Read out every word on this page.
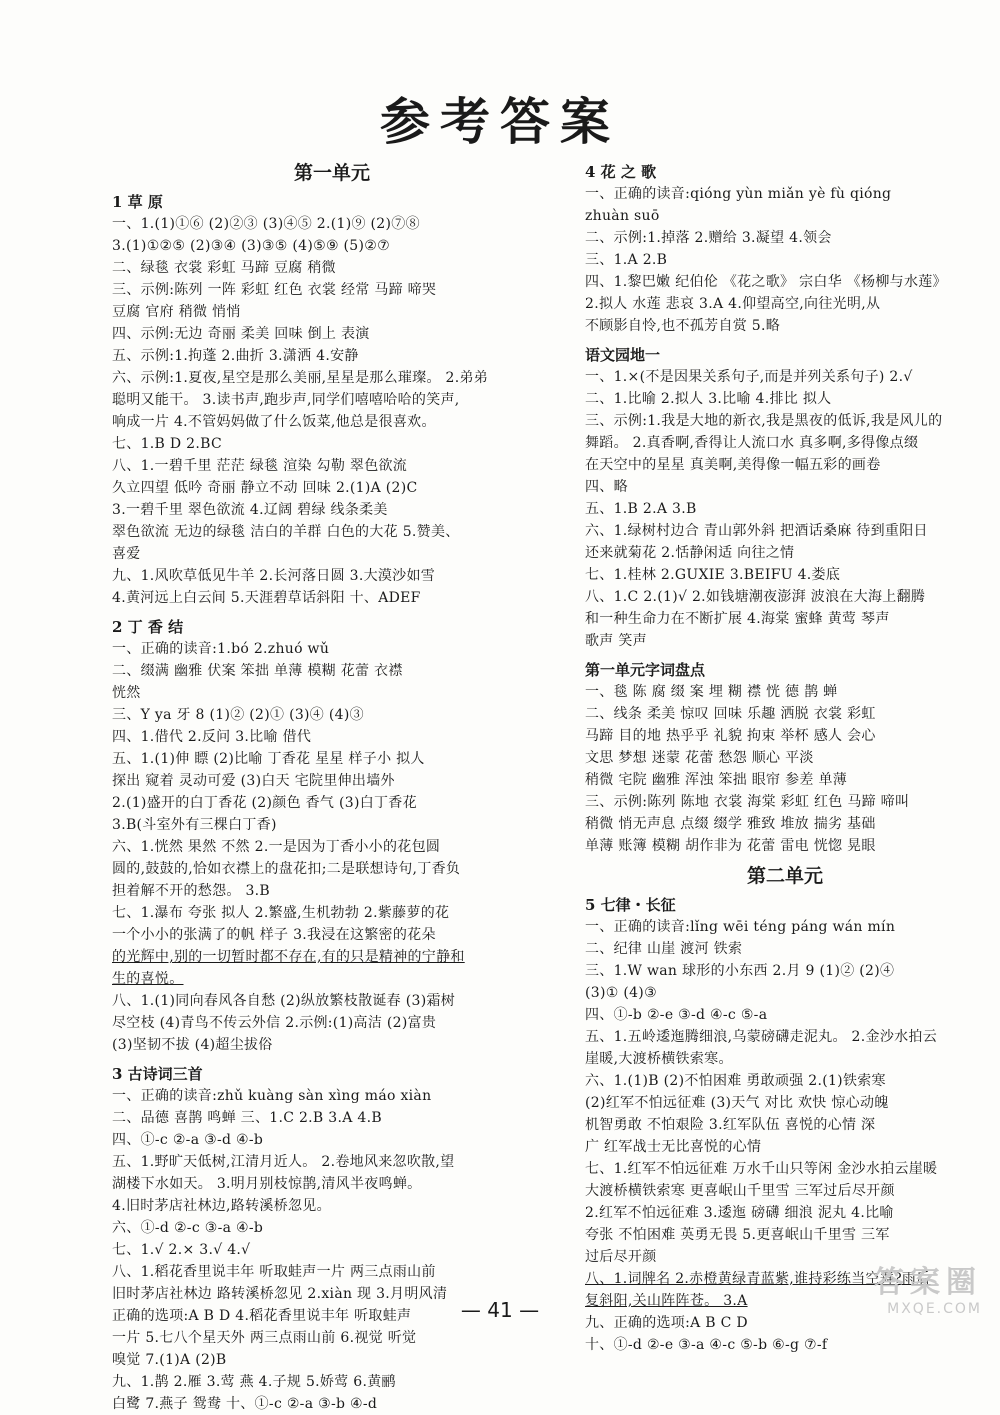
参考答案
第一单元
1 草 原
一、1.(1)①⑥ (2)②③ (3)④⑤ 2.(1)⑨ (2)⑦⑧
3.(1)①②⑤ (2)③④ (3)③⑤ (4)⑤⑨ (5)②⑦
二、绿毯 衣裳 彩虹 马蹄 豆腐 稍微
三、示例:陈列 一阵 彩虹 红色 衣裳 经常 马蹄 啼哭
豆腐 官府 稍微 悄悄
四、示例:无边 奇丽 柔美 回味 倒上 表演
五、示例:1.拘蓬 2.曲折 3.潇洒 4.安静
六、示例:1.夏夜,星空是那么美丽,星星是那么璀璨。 2.弟弟
聪明又能干。 3.读书声,跑步声,同学们嘻嘻哈哈的笑声,
响成一片 4.不管妈妈做了什么饭菜,他总是很喜欢。
七、1.B D 2.BC
八、1.一碧千里 茫茫 绿毯 渲染 勾勒 翠色欲流
久立四望 低吟 奇丽 静立不动 回味 2.(1)A (2)C
3.一碧千里 翠色欲流 4.辽阔 碧绿 线条柔美
翠色欲流 无边的绿毯 洁白的羊群 白色的大花 5.赞美、
喜爱
九、1.风吹草低见牛羊 2.长河落日圆 3.大漠沙如雪
4.黄河远上白云间 5.天涯碧草话斜阳 十、ADEF
2 丁 香 结
一、正确的读音:1.bó 2.zhuó wǔ
二、缀满 幽雅 伏案 笨拙 单薄 模糊 花蕾 衣襟
恍然
三、Y ya 牙 8 (1)② (2)① (3)④ (4)③
四、1.借代 2.反问 3.比喻 借代
五、1.(1)伸 瞟 (2)比喻 丁香花 星星 样子小 拟人
探出 窥着 灵动可爱 (3)白天 宅院里伸出墙外
2.(1)盛开的白丁香花 (2)颜色 香气 (3)白丁香花
3.B(斗室外有三棵白丁香)
六、1.恍然 果然 不然 2.一是因为丁香小小的花包圆
圆的,鼓鼓的,恰如衣襟上的盘花扣;二是联想诗句,丁香负
担着解不开的愁怨。 3.B
七、1.瀑布 夸张 拟人 2.繁盛,生机勃勃 2.紫藤萝的花
一个小小的张满了的帆 样子 3.我浸在这繁密的花朵
的光辉中,别的一切暂时都不存在,有的只是精神的宁静和
生的喜悦。
八、1.(1)同向春风各自愁 (2)纵放繁枝散诞春 (3)霜树
尽空枝 (4)青鸟不传云外信 2.示例:(1)高洁 (2)富贵
(3)坚韧不拔 (4)超尘拔俗
3 古诗词三首
一、正确的读音:zhǔ kuàng sàn xìng máo xiàn
二、品德 喜鹊 鸣蝉 三、1.C 2.B 3.A 4.B
四、①-c ②-a ③-d ④-b
五、1.野旷天低树,江清月近人。 2.卷地风来忽吹散,望
湖楼下水如天。 3.明月别枝惊鹊,清风半夜鸣蝉。
4.旧时茅店社林边,路转溪桥忽见。
六、①-d ②-c ③-a ④-b
七、1.√ 2.× 3.√ 4.√
八、1.稻花香里说丰年 听取蛙声一片 两三点雨山前
旧时茅店社林边 路转溪桥忽见 2.xiàn 现 3.月明风清
正确的选项:A B D 4.稻花香里说丰年 听取蛙声
一片 5.七八个星天外 两三点雨山前 6.视觉 听觉
嗅觉 7.(1)A (2)B
九、1.鹊 2.雁 3.莺 燕 4.子规 5.娇莺 6.黄鹂
白鹭 7.燕子 鸳鸯 十、①-c ②-a ③-b ④-d
4 花 之 歌
一、正确的读音:qióng yùn miǎn yè fù qióng
zhuàn suō
二、示例:1.掉落 2.赠给 3.凝望 4.领会
三、1.A 2.B
四、1.黎巴嫩 纪伯伦 《花之歌》 宗白华 《杨柳与水莲》
2.拟人 水莲 悲哀 3.A 4.仰望高空,向往光明,从
不顾影自怜,也不孤芳自赏 5.略
语文园地一
一、1.×(不是因果关系句子,而是并列关系句子) 2.√
二、1.比喻 2.拟人 3.比喻 4.排比 拟人
三、示例:1.我是大地的新衣,我是黑夜的低诉,我是风儿的
舞蹈。 2.真香啊,香得让人流口水 真多啊,多得像点缀
在天空中的星星 真美啊,美得像一幅五彩的画卷
四、略
五、1.B 2.A 3.B
六、1.绿树村边合 青山郭外斜 把酒话桑麻 待到重阳日
还来就菊花 2.恬静闲适 向往之情
七、1.桂林 2.GUXIE 3.BEIFU 4.娄底
八、1.C 2.(1)√ 2.如钱塘潮夜澎湃 波浪在大海上翻腾
和一种生命力在不断扩展 4.海棠 蜜蜂 黄莺 琴声
歌声 笑声
第一单元字词盘点
一、毯 陈 腐 缀 案 埋 糊 襟 恍 德 鹊 蝉
二、线条 柔美 惊叹 回味 乐趣 洒脱 衣裳 彩虹
马蹄 目的地 热乎乎 礼貌 拘束 举杯 感人 会心
文思 梦想 迷蒙 花蕾 愁怨 顺心 平淡
稍微 宅院 幽雅 浑浊 笨拙 眼帘 参差 单薄
三、示例:陈列 陈地 衣裳 海棠 彩虹 红色 马蹄 啼叫
稍微 悄无声息 点缀 缀学 雅致 堆放 揣劣 基础
单薄 账簿 模糊 胡作非为 花蕾 雷电 恍惚 晃眼
第二单元
5 七律・长征
一、正确的读音:lǐng wēi téng páng wán mín
二、纪律 山崖 渡河 铁索
三、1.W wan 球形的小东西 2.月 9 (1)② (2)④
(3)① (4)③
四、①-b ②-e ③-d ④-c ⑤-a
五、1.五岭逶迤腾细浪,乌蒙磅礴走泥丸。 2.金沙水拍云
崖暖,大渡桥横铁索寒。
六、1.(1)B (2)不怕困难 勇敢顽强 2.(1)铁索寒
(2)红军不怕远征难 (3)天气 对比 欢快 惊心动魄
机智勇敢 不怕艰险 3.红军队伍 喜悦的心情 深
广 红军战士无比喜悦的心情
七、1.红军不怕远征难 万水千山只等闲 金沙水拍云崖暖
大渡桥横铁索寒 更喜岷山千里雪 三军过后尽开颜
2.红军不怕远征难 3.逶迤 磅礴 细浪 泥丸 4.比喻
夸张 不怕困难 英勇无畏 5.更喜岷山千里雪 三军
过后尽开颜
八、1.词牌名 2.赤橙黄绿青蓝紫,谁持彩练当空舞?雨后
复斜阳,关山阵阵苍。 3.A
九、正确的选项:A B C D
十、①-d ②-e ③-a ④-c ⑤-b ⑥-g ⑦-f
— 41 —
答案圈
MXQE.COM
